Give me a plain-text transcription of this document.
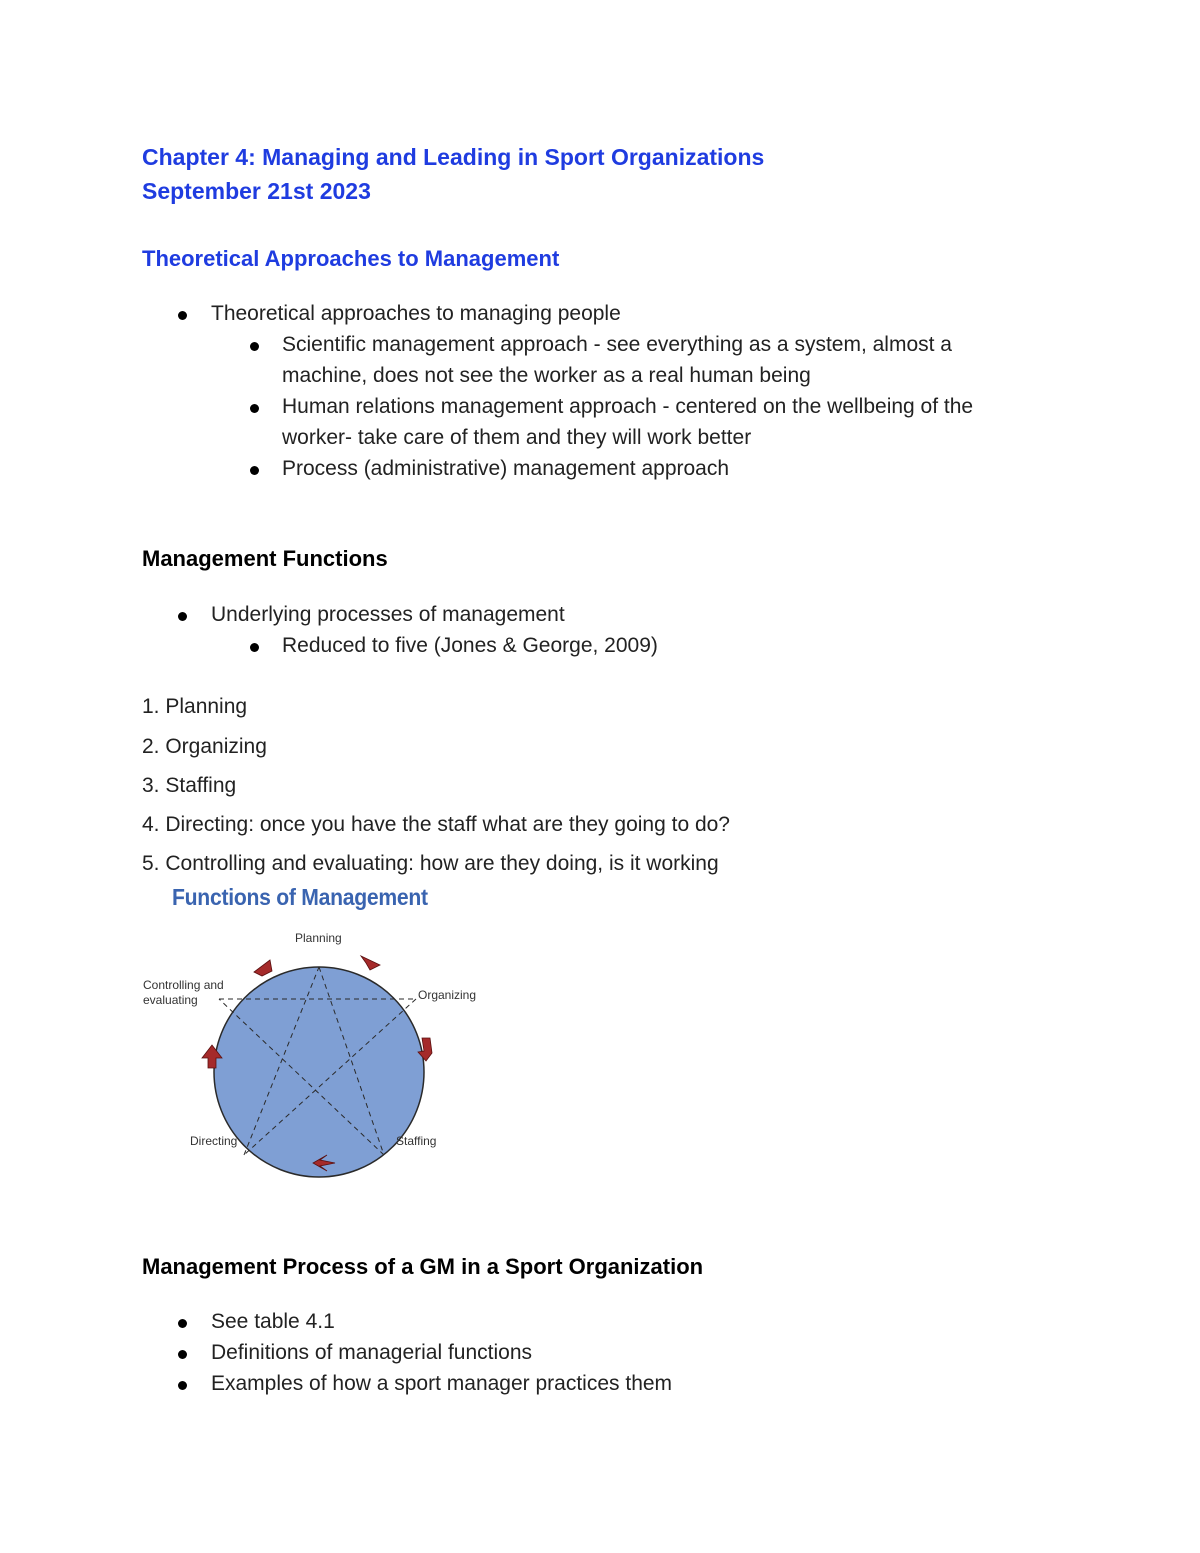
Chapter 4: Managing and Leading in Sport Organizations
September 21st 2023
Theoretical Approaches to Management
Theoretical approaches to managing people
Scientific management approach - see everything as a system, almost a
machine, does not see the worker as a real human being
Human relations management approach - centered on the wellbeing of the
worker- take care of them and they will work better
Process (administrative) management approach
Management Functions
Underlying processes of management
Reduced to five (Jones & George, 2009)
1. Planning
2. Organizing
3. Staffing
4. Directing: once you have the staff what are they going to do?
5. Controlling and evaluating: how are they doing, is it working
Functions of Management
Planning
Organizing
Staffing
Directing
Controlling and
evaluating
Management Process of a GM in a Sport Organization
See table 4.1
Definitions of managerial functions
Examples of how a sport manager practices them
